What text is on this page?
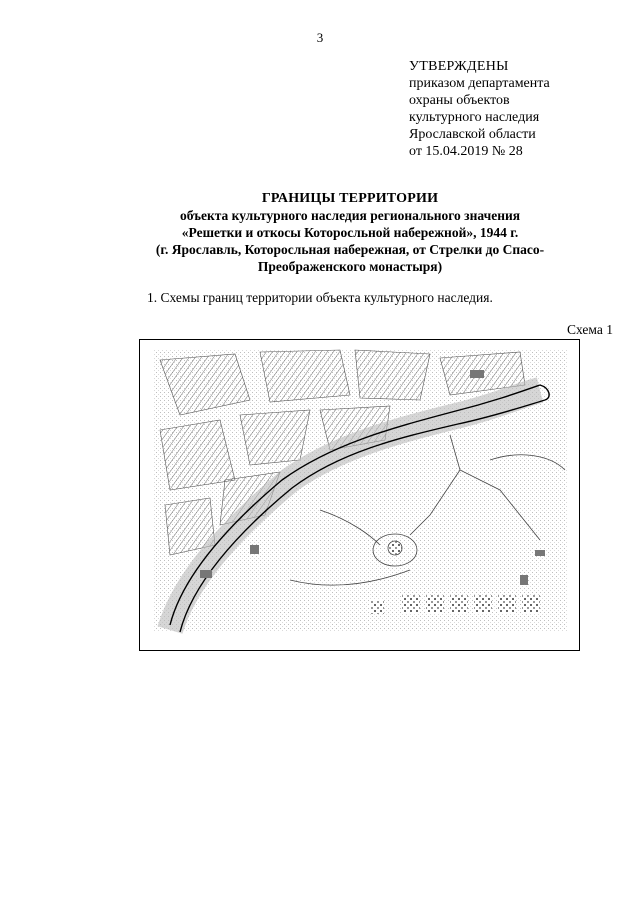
3
УТВЕРЖДЕНЫ
приказом департамента
охраны объектов
культурного наследия
Ярославской области
от 15.04.2019 № 28
ГРАНИЦЫ ТЕРРИТОРИИ
объекта культурного наследия регионального значения
«Решетки и откосы Которосльной набережной», 1944 г.
(г. Ярославль, Которосльная набережная, от Стрелки до Спасо-
Преображенского монастыря)
1. Схемы границ территории объекта культурного наследия.
Схема 1
